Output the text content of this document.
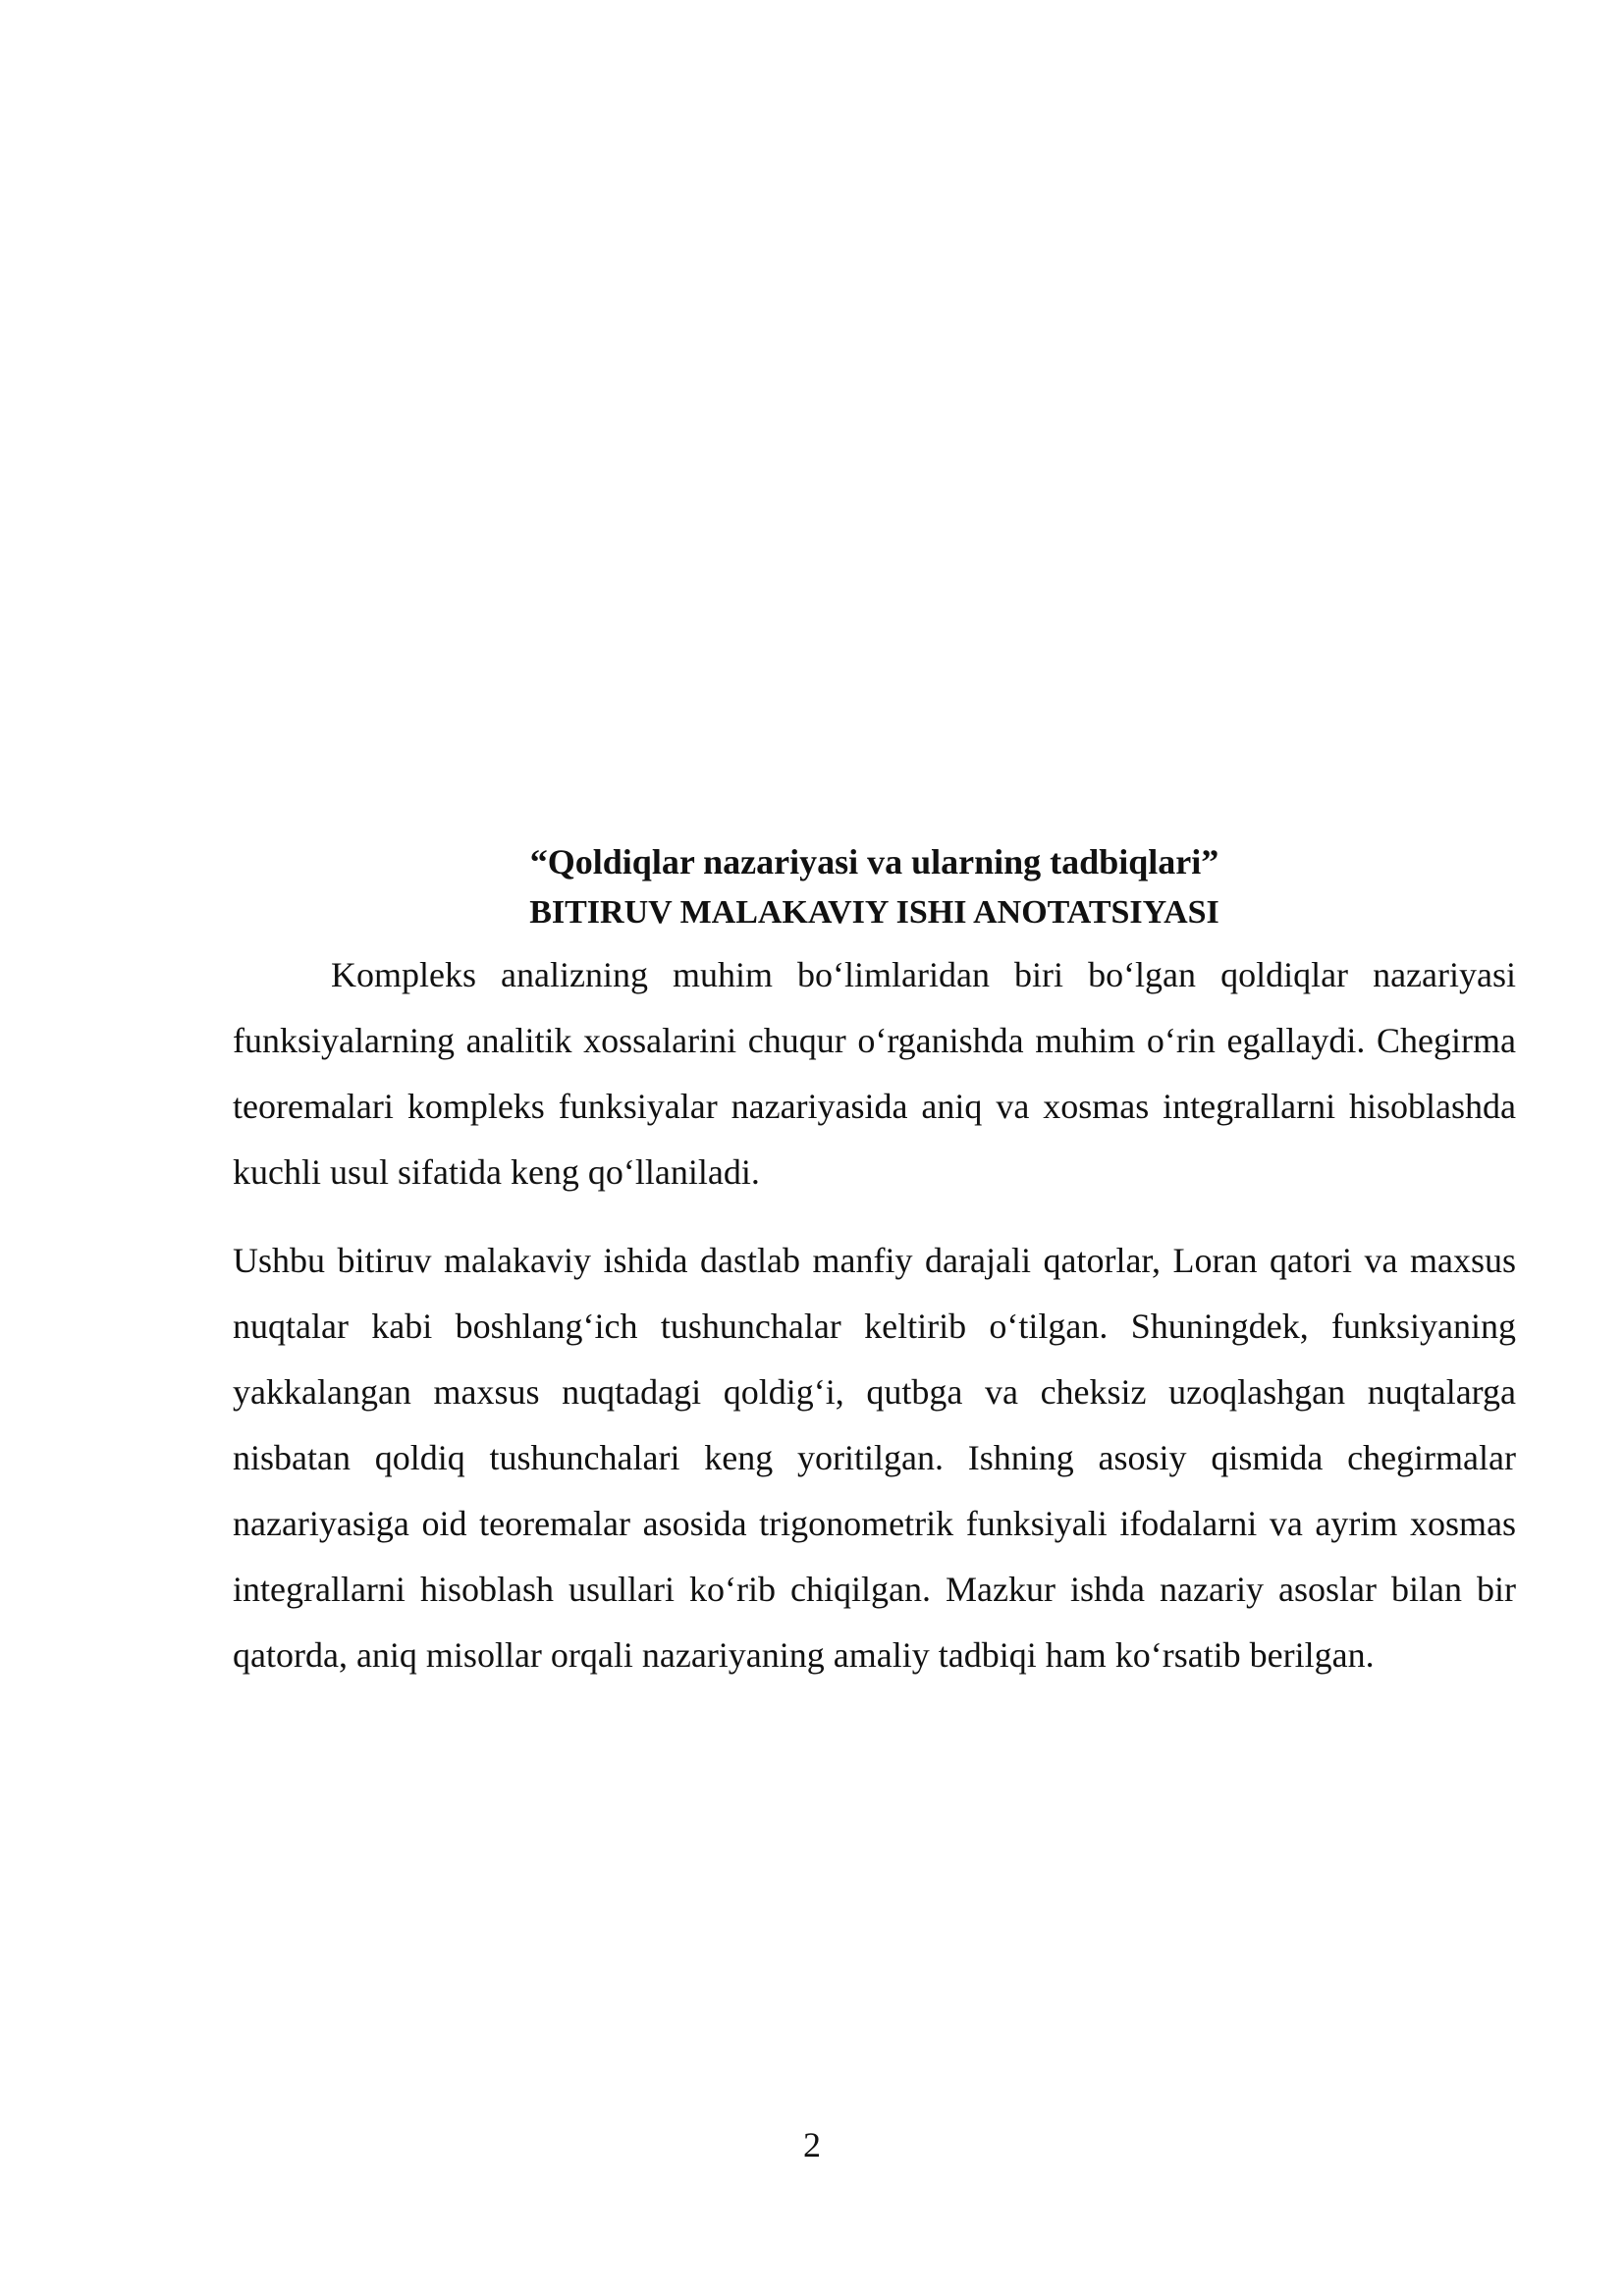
“Qoldiqlar nazariyasi va ularning tadbiqlari”

BITIRUV MALAKAVIY ISHI ANOTATSIYASI

Kompleks analizning muhim bo‘limlaridan biri bo‘lgan qoldiqlar nazariyasi funksiyalarning analitik xossalarini chuqur o‘rganishda muhim o‘rin egallaydi. Chegirma teoremalari kompleks funksiyalar nazariyasida aniq va xosmas integrallarni hisoblashda kuchli usul sifatida keng qo‘llaniladi.

Ushbu bitiruv malakaviy ishida dastlab manfiy darajali qatorlar, Loran qatori va maxsus nuqtalar kabi boshlang‘ich tushunchalar keltirib o‘tilgan. Shuningdek, funksiyaning yakkalangan maxsus nuqtadagi qoldig‘i, qutbga va cheksiz uzoqlashgan nuqtalarga nisbatan qoldiq tushunchalari keng yoritilgan. Ishning asosiy qismida chegirmalar nazariyasiga oid teoremalar asosida trigonometrik funksiyali ifodalarni va ayrim xosmas integrallarni hisoblash usullari ko‘rib chiqilgan. Mazkur ishda nazariy asoslar bilan bir qatorda, aniq misollar orqali nazariyaning amaliy tadbiqi ham ko‘rsatib berilgan.

2
